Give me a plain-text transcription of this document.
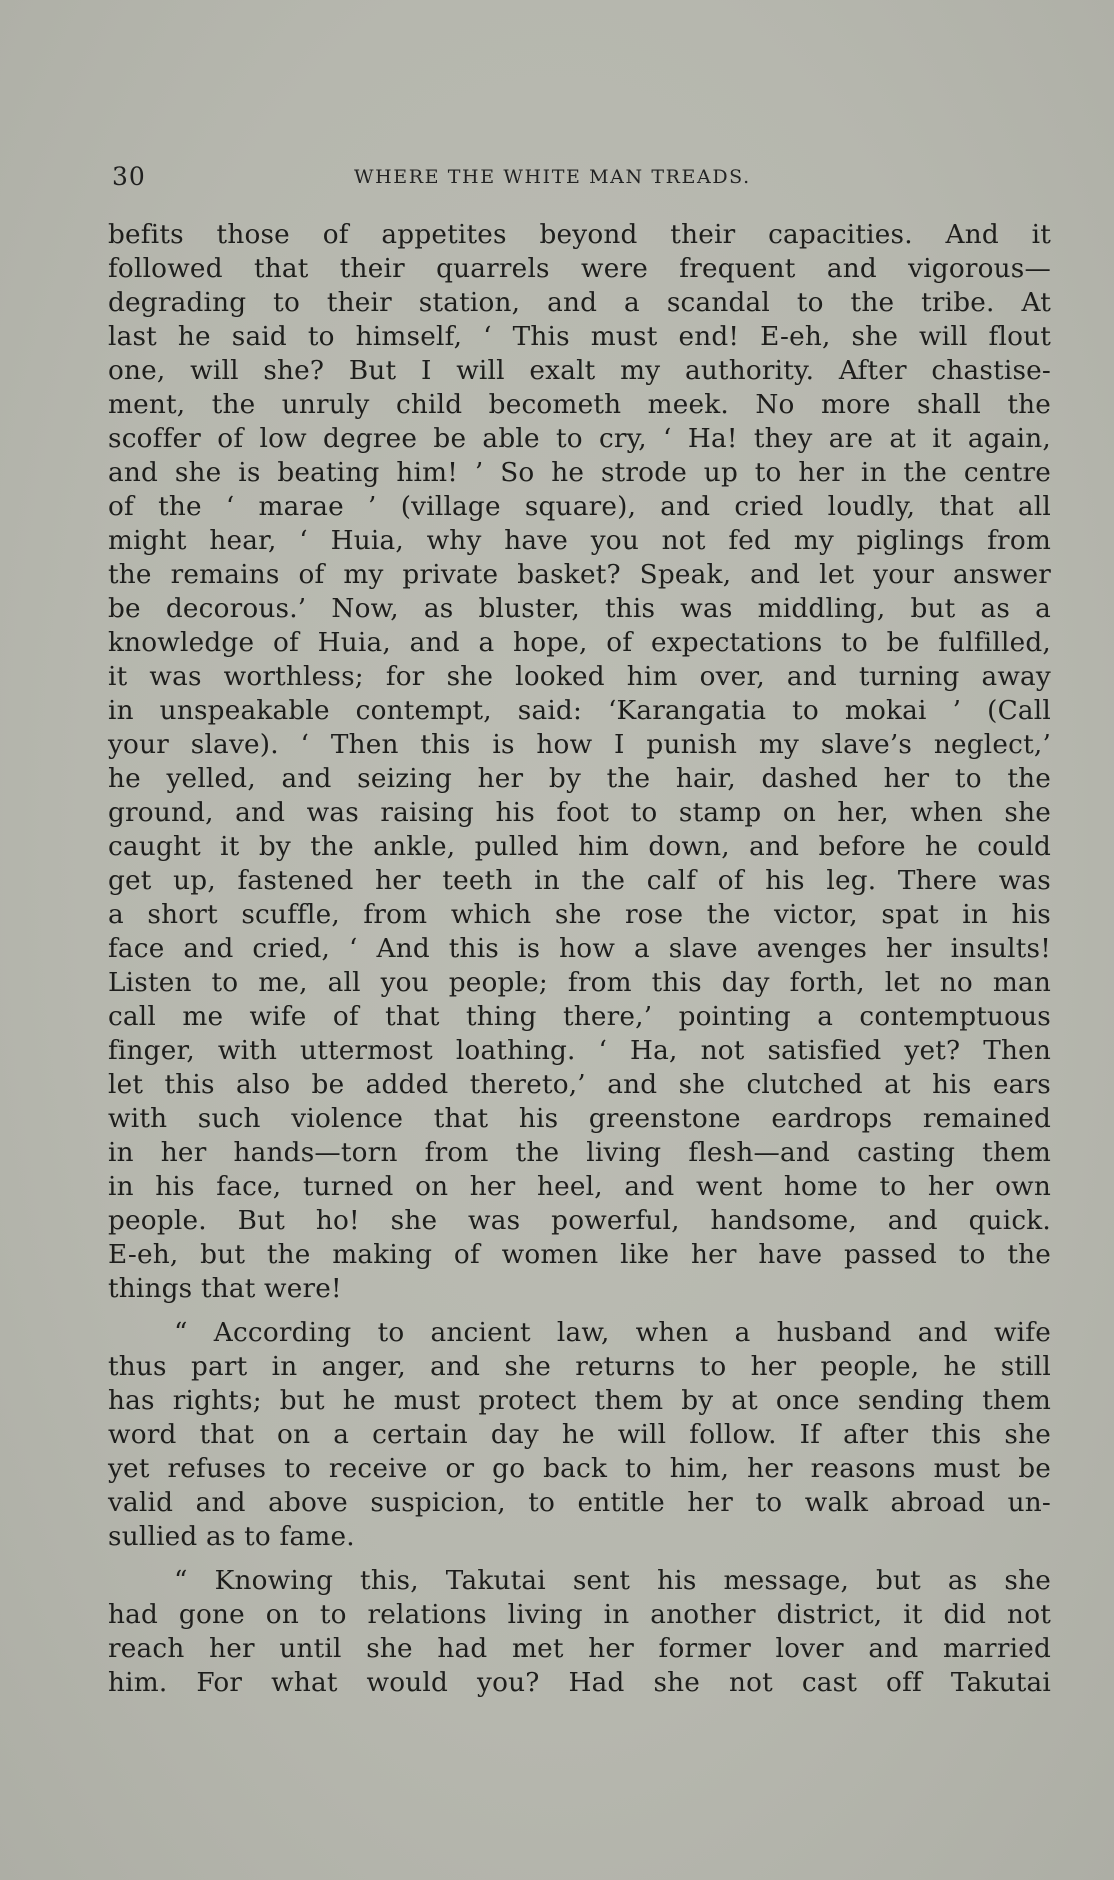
30	WHERE THE WHITE MAN TREADS.
befits those of appetites beyond their capacities. And it
followed that their quarrels were frequent and vigorous—
degrading to their station, and a scandal to the tribe. At
last he said to himself, ‘ This must end! E-eh, she will flout
one, will she? But I will exalt my authority. After chastise-
ment, the unruly child becometh meek. No more shall the
scoffer of low degree be able to cry, ‘ Ha! they are at it again,
and she is beating him! ’ So he strode up to her in the centre
of the ‘ marae ’ (village square), and cried loudly, that all
might hear, ‘ Huia, why have you not fed my piglings from
the remains of my private basket? Speak, and let your answer
be decorous.’ Now, as bluster, this was middling, but as a
knowledge of Huia, and a hope, of expectations to be fulfilled,
it was worthless; for she looked him over, and turning away
in unspeakable contempt, said: ‘Karangatia to mokai ’ (Call
your slave). ‘ Then this is how I punish my slave’s neglect,’
he yelled, and seizing her by the hair, dashed her to the
ground, and was raising his foot to stamp on her, when she
caught it by the ankle, pulled him down, and before he could
get up, fastened her teeth in the calf of his leg. There was
a short scuffle, from which she rose the victor, spat in his
face and cried, ‘ And this is how a slave avenges her insults!
Listen to me, all you people; from this day forth, let no man
call me wife of that thing there,’ pointing a contemptuous
finger, with uttermost loathing. ‘ Ha, not satisfied yet? Then
let this also be added thereto,’ and she clutched at his ears
with such violence that his greenstone eardrops remained
in her hands—torn from the living flesh—and casting them
in his face, turned on her heel, and went home to her own
people. But ho! she was powerful, handsome, and quick.
E-eh, but the making of women like her have passed to the
things that were!
“ According to ancient law, when a husband and wife
thus part in anger, and she returns to her people, he still
has rights; but he must protect them by at once sending them
word that on a certain day he will follow. If after this she
yet refuses to receive or go back to him, her reasons must be
valid and above suspicion, to entitle her to walk abroad un-
sullied as to fame.
“ Knowing this, Takutai sent his message, but as she
had gone on to relations living in another district, it did not
reach her until she had met her former lover and married
him. For what would you? Had she not cast off Takutai
